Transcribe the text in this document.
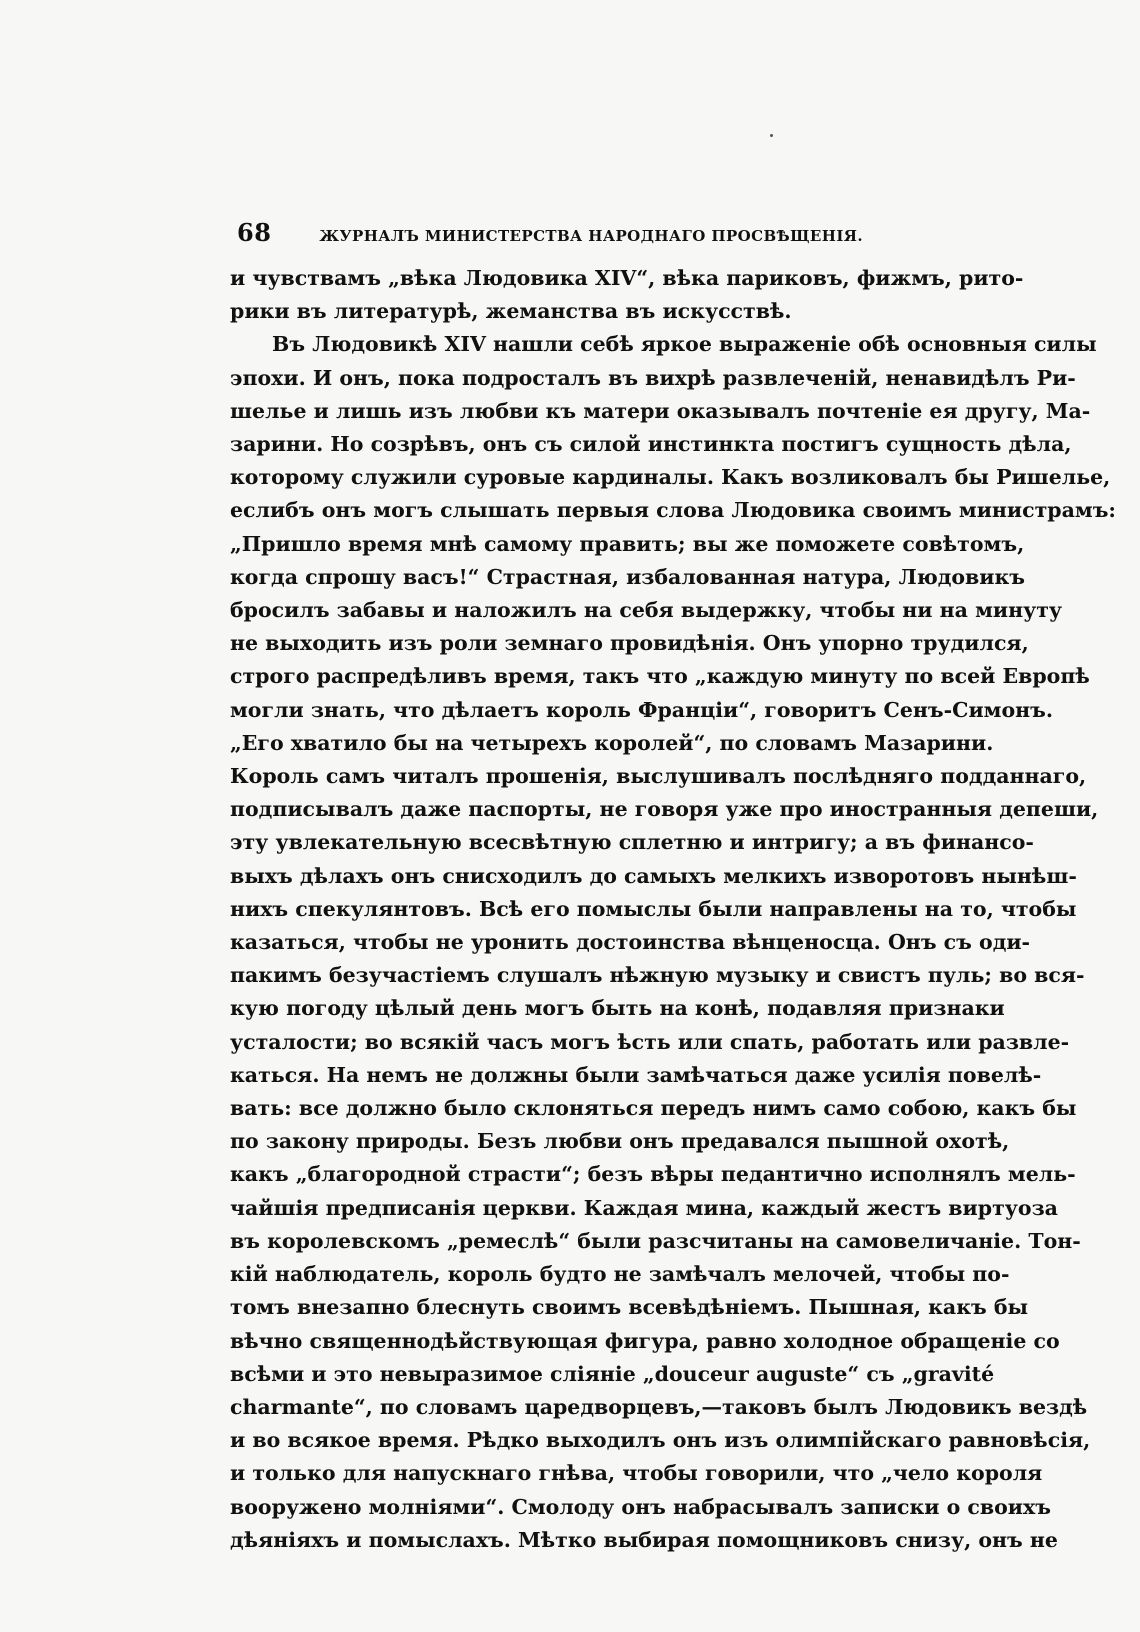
68	ЖУРНАЛЪ МИНИСТЕРСТВА НАРОДНАГО ПРОСВѢЩЕНІЯ.
и чувствамъ „вѣка Людовика XIV“, вѣка париковъ, фижмъ, рито-
рики въ литературѣ, жеманства въ искусствѣ.
Въ Людовикѣ XIV нашли себѣ яркое выраженіе обѣ основныя силы
эпохи. И онъ, пока подросталъ въ вихрѣ развлеченій, ненавидѣлъ Ри-
шелье и лишь изъ любви къ матери оказывалъ почтеніе ея другу, Ма-
зарини. Но созрѣвъ, онъ съ силой инстинкта постигъ сущность дѣла,
которому служили суровые кардиналы. Какъ возликовалъ бы Ришелье,
еслибъ онъ могъ слышать первыя слова Людовика своимъ министрамъ:
„Пришло время мнѣ самому править; вы же поможете совѣтомъ,
когда спрошу васъ!“ Страстная, избалованная натура, Людовикъ
бросилъ забавы и наложилъ на себя выдержку, чтобы ни на минуту
не выходить изъ роли земнаго провидѣнія. Онъ упорно трудился,
строго распредѣливъ время, такъ что „каждую минуту по всей Европѣ
могли знать, что дѣлаетъ король Франціи“, говоритъ Сенъ-Симонъ.
„Его хватило бы на четырехъ королей“, по словамъ Мазарини.
Король самъ читалъ прошенія, выслушивалъ послѣдняго подданнаго,
подписывалъ даже паспорты, не говоря уже про иностранныя депеши,
эту увлекательную всесвѣтную сплетню и интригу; а въ финансо-
выхъ дѣлахъ онъ снисходилъ до самыхъ мелкихъ изворотовъ нынѣш-
нихъ спекулянтовъ. Всѣ его помыслы были направлены на то, чтобы
казаться, чтобы не уронить достоинства вѣнценосца. Онъ съ оди-
пакимъ безучастіемъ слушалъ нѣжную музыку и свистъ пуль; во вся-
кую погоду цѣлый день могъ быть на конѣ, подавляя признаки
усталости; во всякій часъ могъ ѣсть или спать, работать или развле-
каться. На немъ не должны были замѣчаться даже усилія повелѣ-
вать: все должно было склоняться передъ нимъ само собою, какъ бы
по закону природы. Безъ любви онъ предавался пышной охотѣ,
какъ „благородной страсти“; безъ вѣры педантично исполнялъ мель-
чайшія предписанія церкви. Каждая мина, каждый жестъ виртуоза
въ королевскомъ „ремеслѣ“ были разсчитаны на самовеличаніе. Тон-
кій наблюдатель, король будто не замѣчалъ мелочей, чтобы по-
томъ внезапно блеснуть своимъ всевѣдѣніемъ. Пышная, какъ бы
вѣчно священнодѣйствующая фигура, равно холодное обращеніе со
всѣми и это невыразимое сліяніе „douceur auguste“ съ „gravité
charmante“, по словамъ царедворцевъ,—таковъ былъ Людовикъ вездѣ
и во всякое время. Рѣдко выходилъ онъ изъ олимпійскаго равновѣсія,
и только для напускнаго гнѣва, чтобы говорили, что „чело короля
вооружено молніями“. Смолоду онъ набрасывалъ записки о своихъ
дѣяніяхъ и помыслахъ. Мѣтко выбирая помощниковъ снизу, онъ не
